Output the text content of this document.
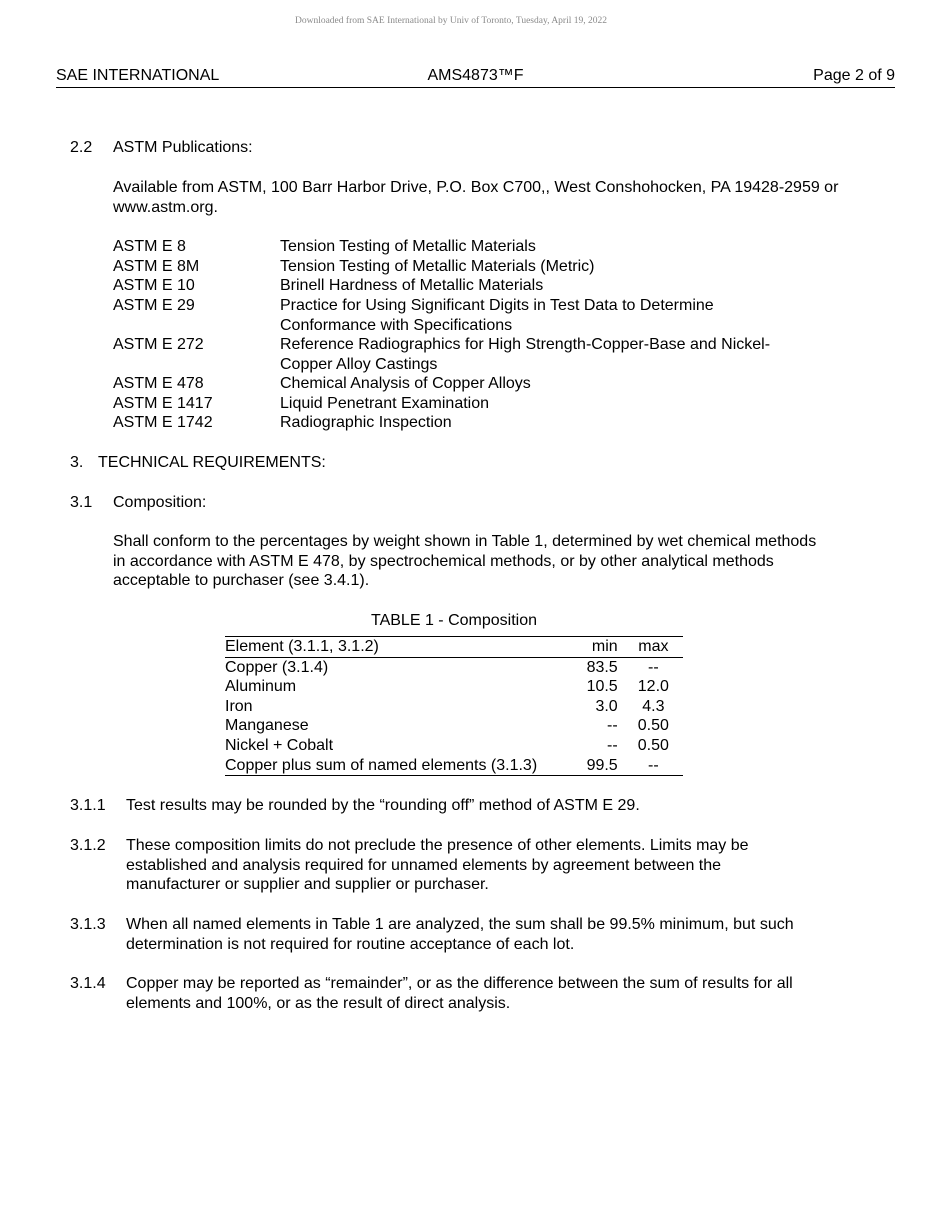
Downloaded from SAE International by Univ of Toronto, Tuesday, April 19, 2022
AMS4873™F
SAE INTERNATIONAL	Page 2 of 9
2.2 ASTM Publications:
Available from ASTM, 100 Barr Harbor Drive, P.O. Box C700,, West Conshohocken, PA 19428-2959 or www.astm.org.
ASTM E 8	Tension Testing of Metallic Materials
ASTM E 8M	Tension Testing of Metallic Materials (Metric)
ASTM E 10	Brinell Hardness of Metallic Materials
ASTM E 29	Practice for Using Significant Digits in Test Data to Determine Conformance with Specifications
ASTM E 272	Reference Radiographics for High Strength-Copper-Base and Nickel-Copper Alloy Castings
ASTM E 478	Chemical Analysis of Copper Alloys
ASTM E 1417	Liquid Penetrant Examination
ASTM E 1742	Radiographic Inspection
3. TECHNICAL REQUIREMENTS:
3.1 Composition:
Shall conform to the percentages by weight shown in Table 1, determined by wet chemical methods in accordance with ASTM E 478, by spectrochemical methods, or by other analytical methods acceptable to purchaser (see 3.4.1).
TABLE 1 - Composition
Element (3.1.1, 3.1.2)	min	max
Copper (3.1.4)	83.5	--
Aluminum	10.5	12.0
Iron	3.0	4.3
Manganese	--	0.50
Nickel + Cobalt	--	0.50
Copper plus sum of named elements (3.1.3)	99.5	--
3.1.1 Test results may be rounded by the “rounding off” method of ASTM E 29.
3.1.2 These composition limits do not preclude the presence of other elements. Limits may be established and analysis required for unnamed elements by agreement between the manufacturer or supplier and supplier or purchaser.
3.1.3 When all named elements in Table 1 are analyzed, the sum shall be 99.5% minimum, but such determination is not required for routine acceptance of each lot.
3.1.4 Copper may be reported as “remainder”, or as the difference between the sum of results for all elements and 100%, or as the result of direct analysis.
